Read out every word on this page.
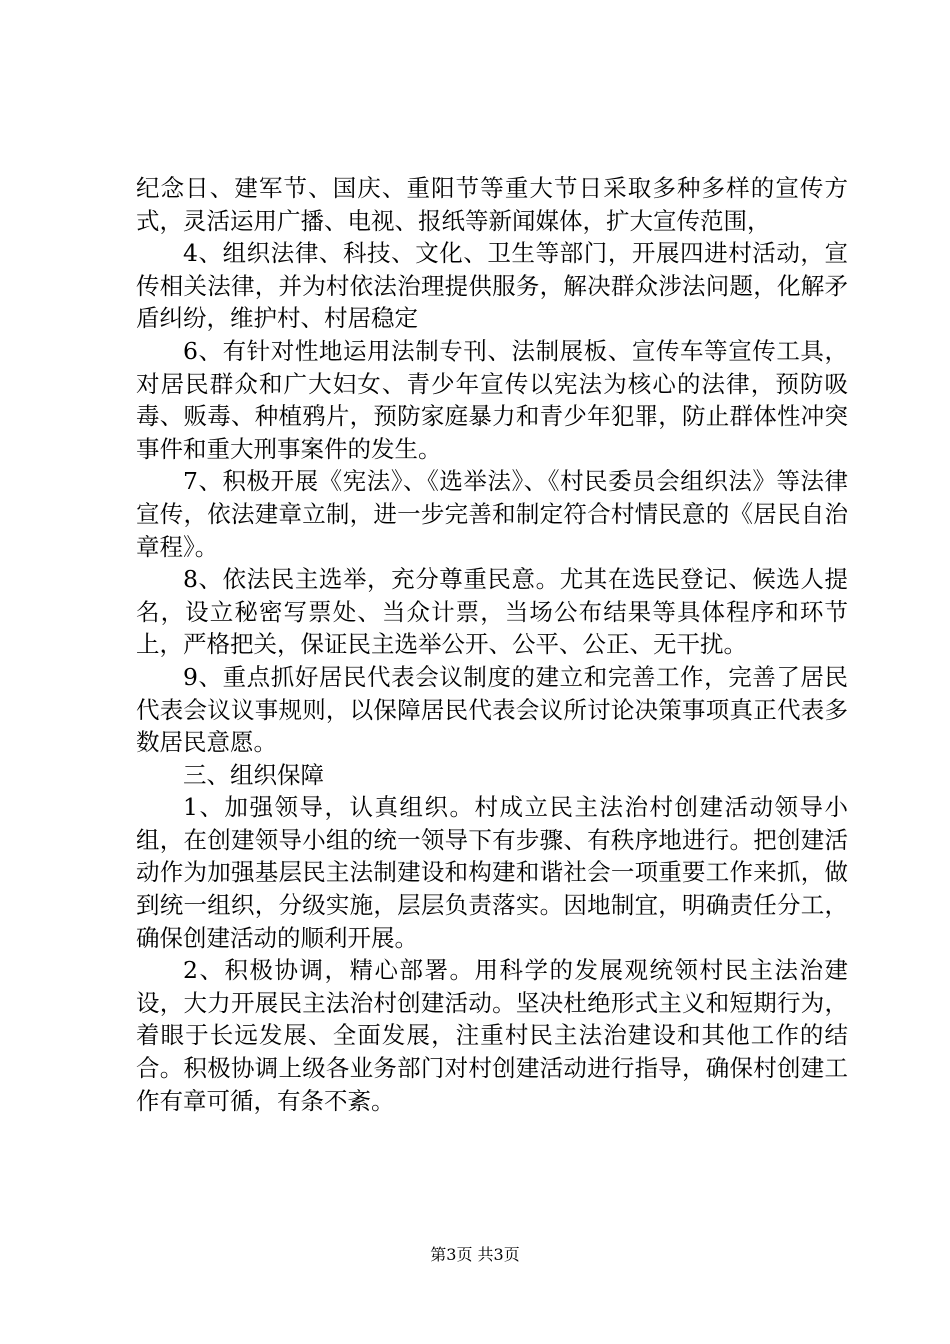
纪念日、建军节、国庆、重阳节等重大节日采取多种多样的宣传方式，灵活运用广播、电视、报纸等新闻媒体，扩大宣传范围，

4、组织法律、科技、文化、卫生等部门，开展四进村活动，宣传相关法律，并为村依法治理提供服务，解决群众涉法问题，化解矛盾纠纷，维护村、村居稳定

6、有针对性地运用法制专刊、法制展板、宣传车等宣传工具，对居民群众和广大妇女、青少年宣传以宪法为核心的法律，预防吸毒、贩毒、种植鸦片，预防家庭暴力和青少年犯罪，防止群体性冲突事件和重大刑事案件的发生。

7、积极开展《宪法》、《选举法》、《村民委员会组织法》等法律宣传，依法建章立制，进一步完善和制定符合村情民意的《居民自治章程》。

8、依法民主选举，充分尊重民意。尤其在选民登记、候选人提名，设立秘密写票处、当众计票，当场公布结果等具体程序和环节上，严格把关，保证民主选举公开、公平、公正、无干扰。

9、重点抓好居民代表会议制度的建立和完善工作，完善了居民代表会议议事规则，以保障居民代表会议所讨论决策事项真正代表多数居民意愿。

三、组织保障

1、加强领导，认真组织。村成立民主法治村创建活动领导小组，在创建领导小组的统一领导下有步骤、有秩序地进行。把创建活动作为加强基层民主法制建设和构建和谐社会一项重要工作来抓，做到统一组织，分级实施，层层负责落实。因地制宜，明确责任分工，确保创建活动的顺利开展。

2、积极协调，精心部署。用科学的发展观统领村民主法治建设，大力开展民主法治村创建活动。坚决杜绝形式主义和短期行为，着眼于长远发展、全面发展，注重村民主法治建设和其他工作的结合。积极协调上级各业务部门对村创建活动进行指导，确保村创建工作有章可循，有条不紊。

第3页 共3页
